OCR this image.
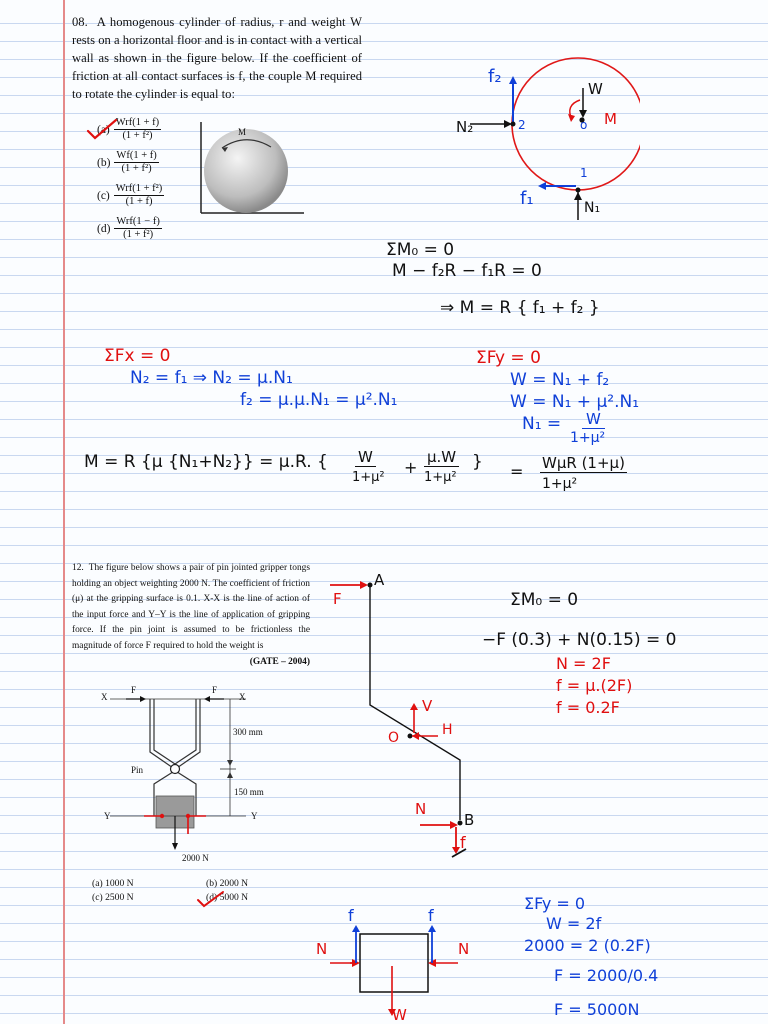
08. A homogenous cylinder of radius, r and weight W rests on a horizontal floor and is in contact with a vertical wall as shown in the figure below. If the coefficient of friction at all contact surfaces is f, the couple M required to rotate the cylinder is equal to:
$(a) \frac{\text{Wrf(1 + f)}}{\text{(1 + f²)}}$
$(b) \frac{Wf(1 + f)}{\text{(1 + f²)}}$
$(c) \frac{\text{Wrf(1 + f²)}}{(1 + f)}$
$(d) \frac{\text{Wrf(1 − f)}}{\text{(1 + f²)}}$
M
f₂
W
M
N₂	2	o
1
f₁	N₁
ΣM₀ = 0
M − f₂R − f₁R = 0
⇒ M = R { f₁ + f₂ }
ΣFx = 0
N₂ = f₁ ⇒ N₂ = μ.N₁
f₂ = μ.μ.N₁ = μ².N₁
ΣFy = 0
W = N₁ + f₂
W = N₁ + μ².N₁
N₁ = W
1+μ²
M = R {μ {N₁+N₂}} = μ.R. { W
1+μ²
+
μ.W
1+μ²
} = WμR (1+μ)
1+μ²
12. The figure below shows a pair of pin jointed gripper tongs holding an object weighting 2000 N. The coefficient of friction (μ) at the gripping surface is 0.1. X-X is the line of action of the input force and Y–Y is the line of application of gripping force. If the pin joint is assumed to be frictionless the magnitude of force F required to hold the weight is
(GATE – 2004)
X	X
F	F
300 mm
Pin
150 mm
Y	Y
2000 N
(a) 1000 N	(b) 2000 N
(c) 2500 N	(d) 5000 N
A
F
V
H
O
N
B
f
ΣM₀ = 0
−F (0.3) + N(0.15) = 0
N = 2F
f = μ.(2F)
f = 0.2F
ΣFy = 0
W = 2f
2000 = 2 (0.2F)
F = 2000/0.4
F = 5000N
f	f
N	N
W
